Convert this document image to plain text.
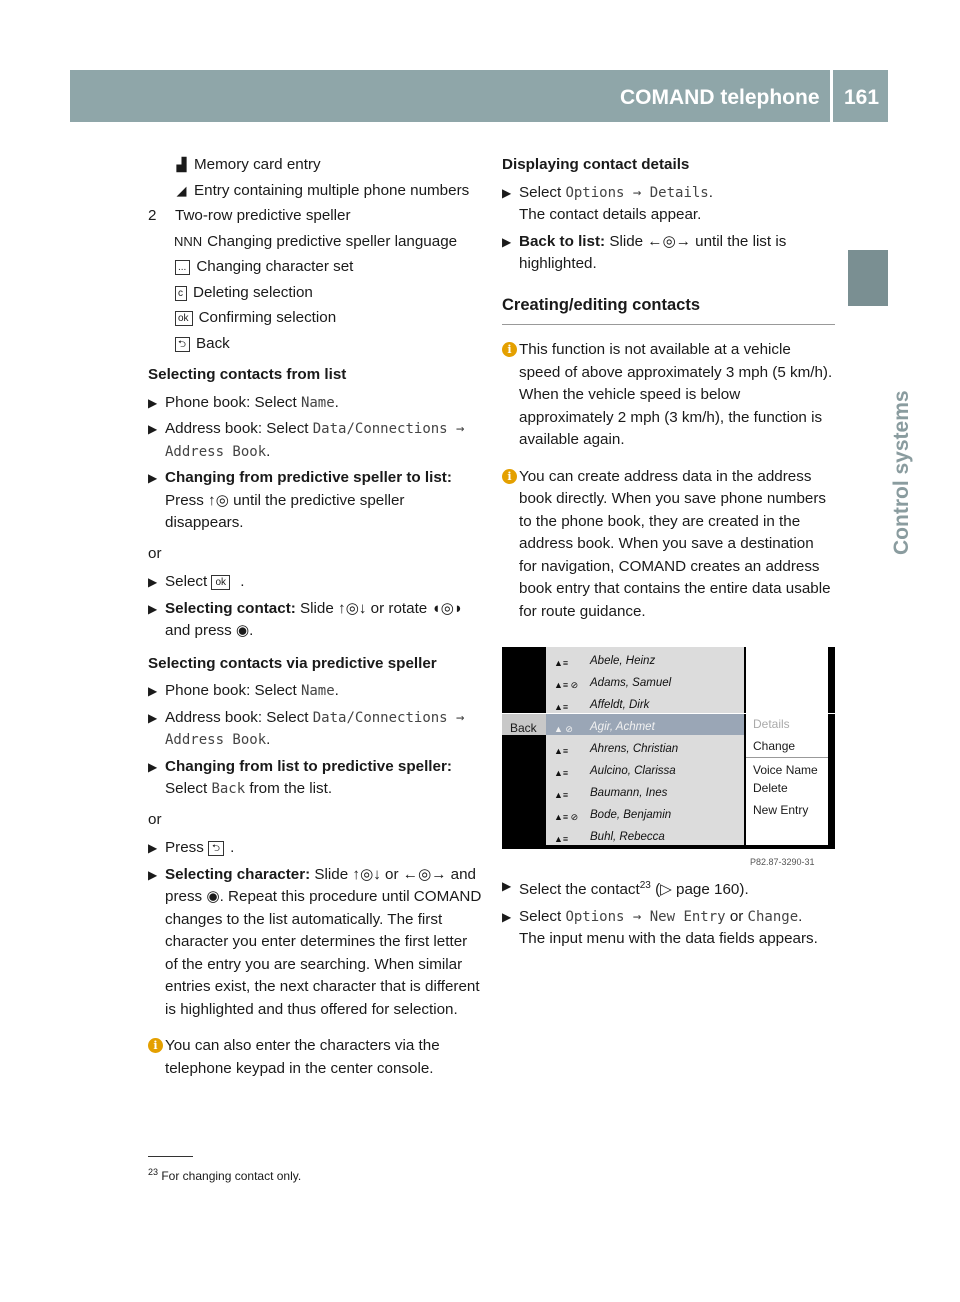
COMAND telephone 161
Control systems
▟ Memory card entry
◢ Entry containing multiple phone numbers
2 Two-row predictive speller
NNN Changing predictive speller language
... Changing character set
c Deleting selection
ok Confirming selection
⮌ Back
Selecting contacts from list
▶ Phone book: Select Name.
▶ Address book: Select Data/Connections → Address Book.
▶ Changing from predictive speller to list: Press ↑◎ until the predictive speller disappears.
or
▶ Select ok .
▶ Selecting contact: Slide ↑◎↓ or rotate ◖◎◗ and press ◉.
Selecting contacts via predictive speller
▶ Phone book: Select Name.
▶ Address book: Select Data/Connections → Address Book.
▶ Changing from list to predictive speller: Select Back from the list.
or
▶ Press ⮌ .
▶ Selecting character: Slide ↑◎↓ or ←◎→ and press ◉. Repeat this procedure until COMAND changes to the list automatically. The first character you enter determines the first letter of the entry you are searching. When similar entries exist, the next character that is different is highlighted and thus offered for selection.
i You can also enter the characters via the telephone keypad in the center console.
Displaying contact details
▶ Select Options → Details.
The contact details appear.
▶ Back to list: Slide ←◎→ until the list is highlighted.
Creating/editing contacts
i This function is not available at a vehicle speed of above approximately 3 mph (5 km/h). When the vehicle speed is below approximately 2 mph (3 km/h), the function is available again.
i You can create address data in the address book directly. When you save phone numbers to the phone book, they are created in the address book. When you save a destination for navigation, COMAND creates an address book entry that contains the entire data usable for route guidance.
▲≡ Abele, Heinz
▲≡ ⊘ Adams, Samuel
▲≡ Affeldt, Dirk
▲ ⊘ Agir, Achmet
▲≡ Ahrens, Christian
▲≡ Aulcino, Clarissa
▲≡ Baumann, Ines
▲≡ ⊘ Bode, Benjamin
▲≡ Buhl, Rebecca
Back	Details
Change
Voice Name
Delete
New Entry
P82.87-3290-31
▶ Select the contact$^{23}$ (▷ page 160).
▶ Select Options → New Entry or Change.
The input menu with the data fields appears.
$^{23}$ For changing contact only.
